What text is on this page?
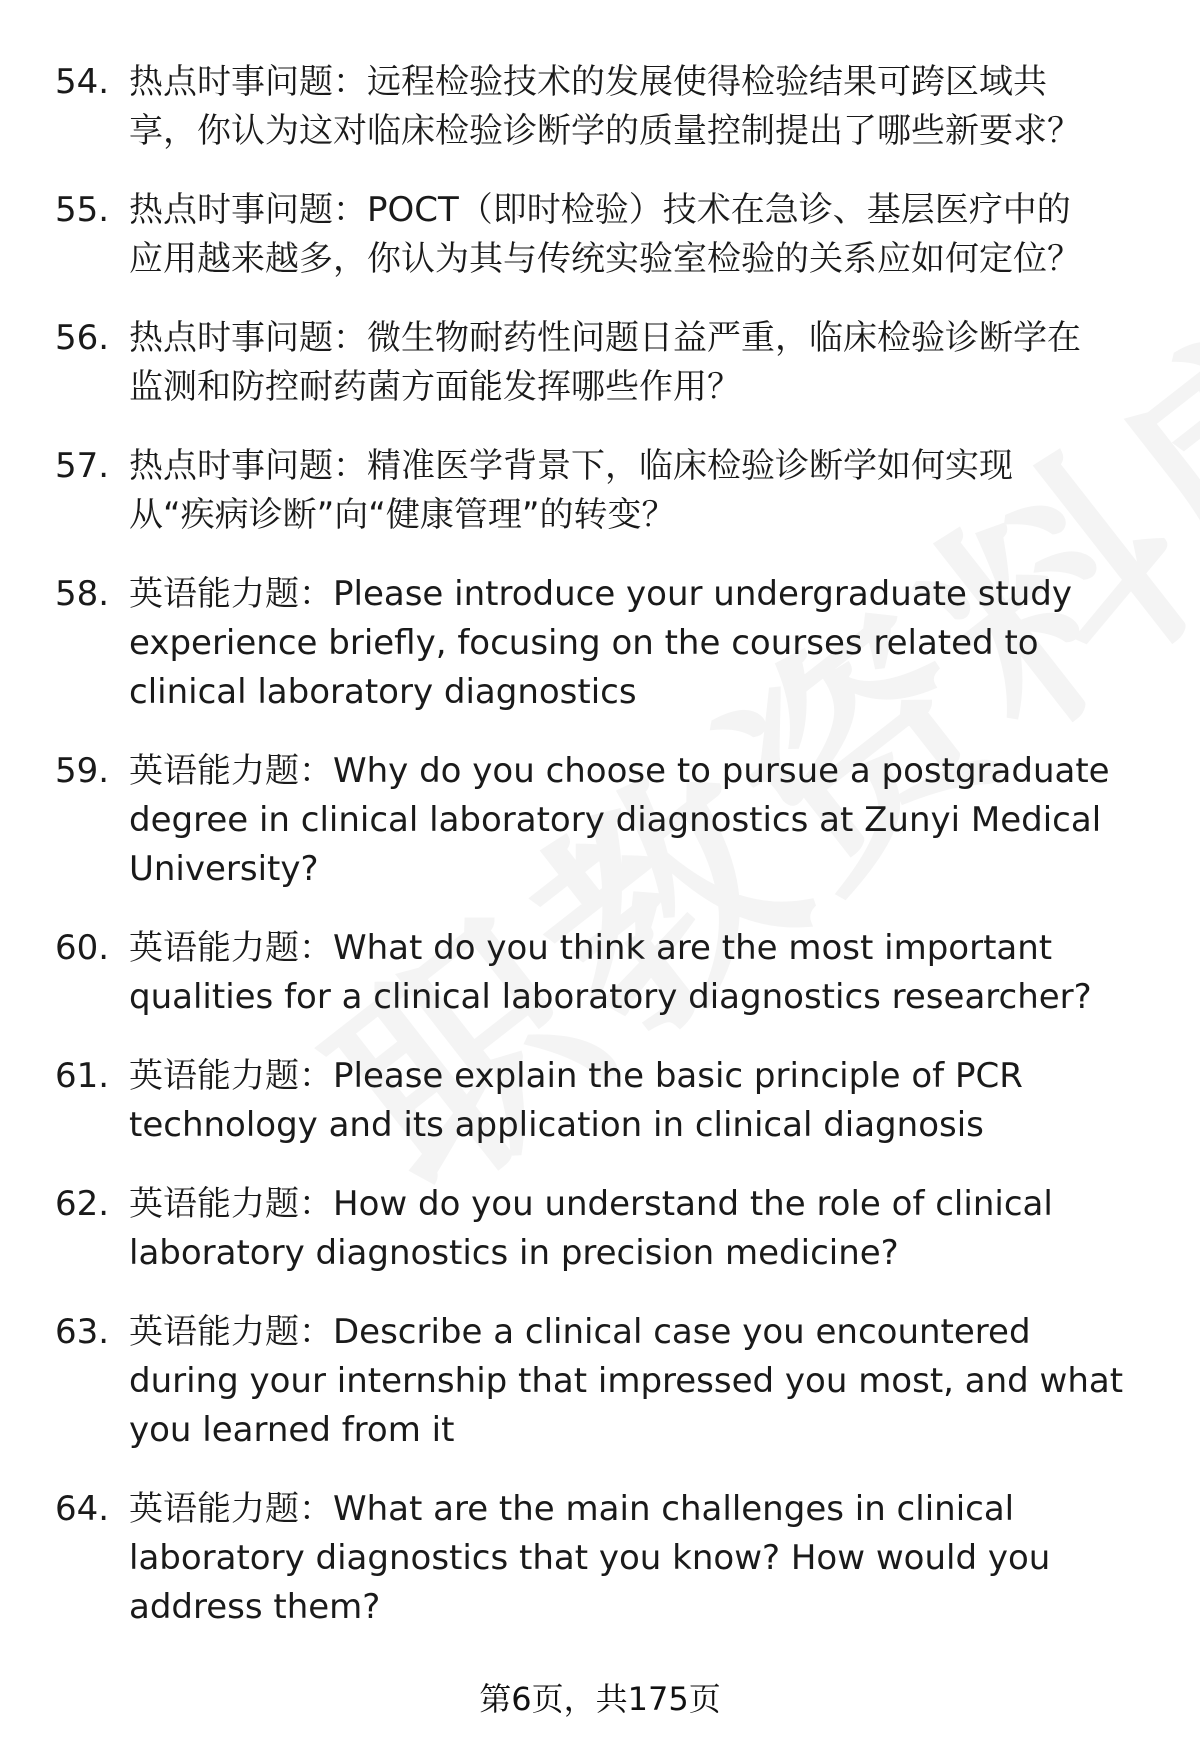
54. 热点时事问题：远程检验技术的发展使得检验结果可跨区域共
享，你认为这对临床检验诊断学的质量控制提出了哪些新要求？
55. 热点时事问题：POCT（即时检验）技术在急诊、基层医疗中的
应用越来越多，你认为其与传统实验室检验的关系应如何定位？
56. 热点时事问题：微生物耐药性问题日益严重，临床检验诊断学在
监测和防控耐药菌方面能发挥哪些作用？
57. 热点时事问题：精准医学背景下，临床检验诊断学如何实现
从“疾病诊断”向“健康管理”的转变？
58. 英语能力题：Please introduce your undergraduate study
experience briefly, focusing on the courses related to
clinical laboratory diagnostics
59. 英语能力题：Why do you choose to pursue a postgraduate
degree in clinical laboratory diagnostics at Zunyi Medical
University?
60. 英语能力题：What do you think are the most important
qualities for a clinical laboratory diagnostics researcher?
61. 英语能力题：Please explain the basic principle of PCR
technology and its application in clinical diagnosis
62. 英语能力题：How do you understand the role of clinical
laboratory diagnostics in precision medicine?
63. 英语能力题：Describe a clinical case you encountered
during your internship that impressed you most, and what
you learned from it
64. 英语能力题：What are the main challenges in clinical
laboratory diagnostics that you know? How would you
address them?
第6页，共175页
